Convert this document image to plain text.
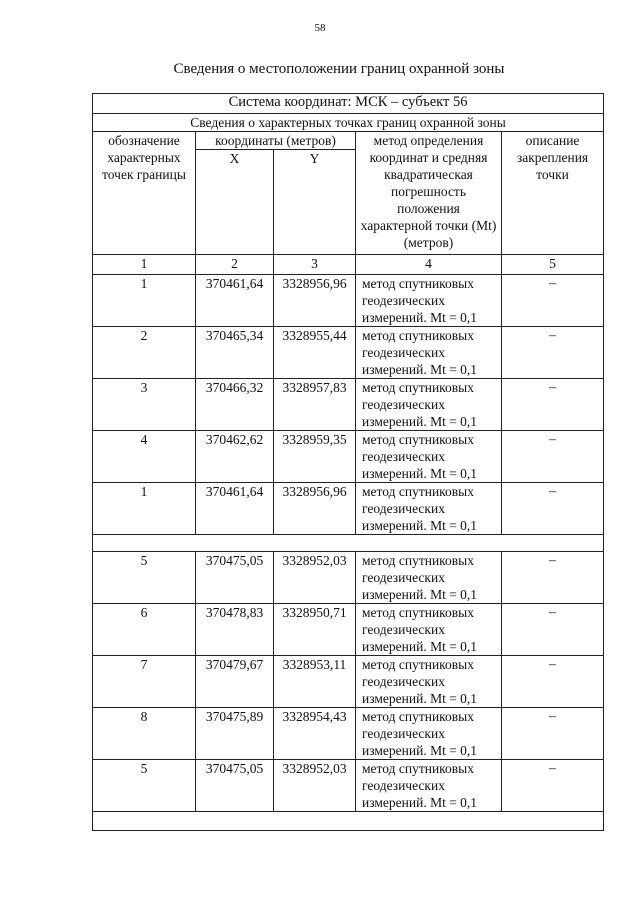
58
Сведения о местоположении границ охранной зоны
Система координат: МСК – субъект 56				
Сведения о характерных точках границ охранной зоны				
обозначение характерных точек границы	координаты (метров)		метод определения координат и средняя квадратическая погрешность положения характерной точки (Mt) (метров)	описание закрепления точки
	X	Y		
1	2	3	4	5
1	370461,64	3328956,96	метод спутниковых геодезических измерений. Mt = 0,1	–
2	370465,34	3328955,44	метод спутниковых геодезических измерений. Mt = 0,1	–
3	370466,32	3328957,83	метод спутниковых геодезических измерений. Mt = 0,1	–
4	370462,62	3328959,35	метод спутниковых геодезических измерений. Mt = 0,1	–
1	370461,64	3328956,96	метод спутниковых геодезических измерений. Mt = 0,1	–

5	370475,05	3328952,03	метод спутниковых геодезических измерений. Mt = 0,1	–
6	370478,83	3328950,71	метод спутниковых геодезических измерений. Mt = 0,1	–
7	370479,67	3328953,11	метод спутниковых геодезических измерений. Mt = 0,1	–
8	370475,89	3328954,43	метод спутниковых геодезических измерений. Mt = 0,1	–
5	370475,05	3328952,03	метод спутниковых геодезических измерений. Mt = 0,1	–
